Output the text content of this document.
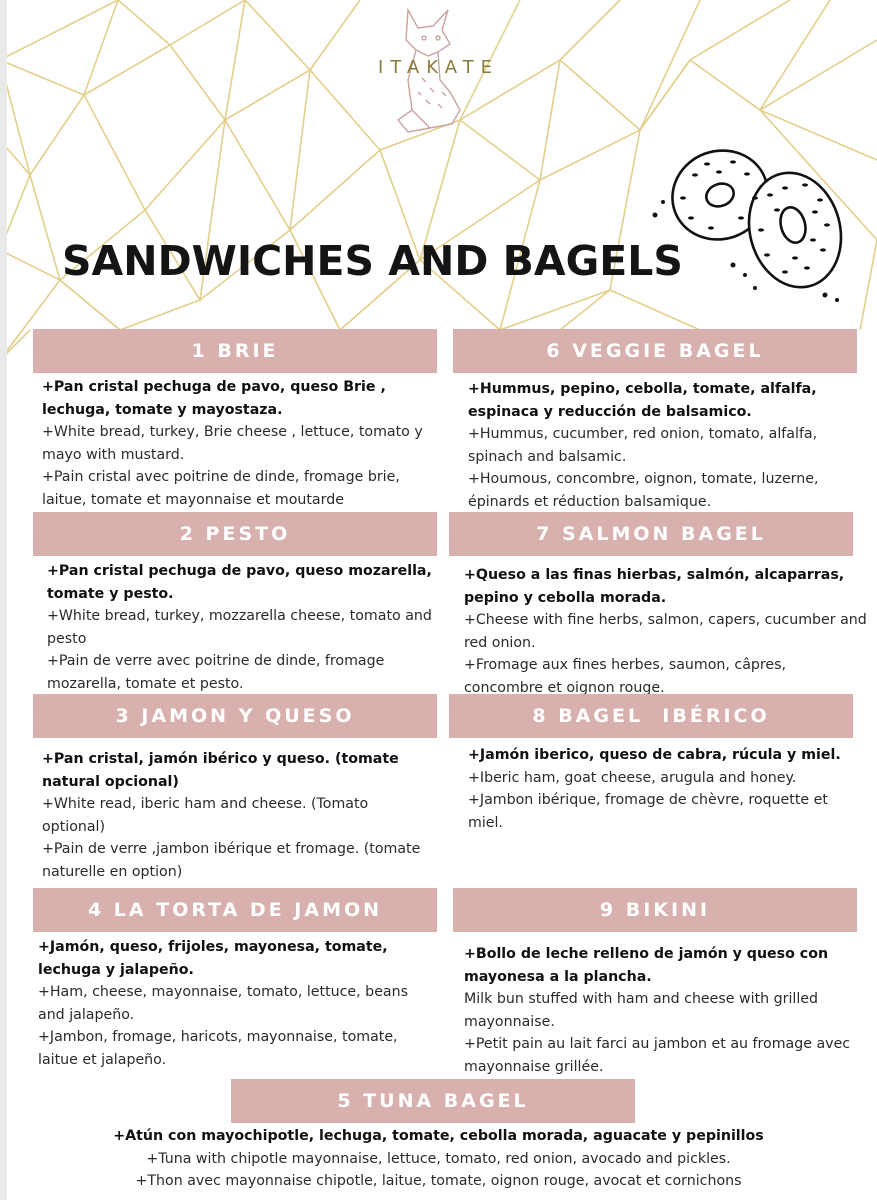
ITAKATE
SANDWICHES AND BAGELS
1 BRIE	6 VEGGIE BAGEL
2 PESTO	7 SALMON BAGEL
3 JAMON Y QUESO	8 BAGEL  IBÉRICO
4 LA TORTA DE JAMON	9 BIKINI
5 TUNA BAGEL

+Pan cristal pechuga de pavo, queso Brie , lechuga, tomate y mayostaza.

+White bread, turkey, Brie cheese , lettuce, tomato y mayo with mustard.

+Pain cristal avec poitrine de dinde, fromage brie, laitue, tomate et mayonnaise et moutarde

+Hummus, pepino, cebolla, tomate, alfalfa, espinaca y reducción de balsamico.

+Hummus, cucumber, red onion, tomato, alfalfa, spinach and balsamic.

+Houmous, concombre, oignon, tomate, luzerne, épinards et réduction balsamique.

+Pan cristal pechuga de pavo, queso mozarella, tomate y pesto.

+White bread, turkey, mozzarella cheese, tomato and pesto

+Pain de verre avec poitrine de dinde, fromage mozarella, tomate et pesto.

+Queso a las finas hierbas, salmón, alcaparras, pepino y cebolla morada.

+Cheese with fine herbs, salmon, capers, cucumber and red onion.

+Fromage aux fines herbes, saumon, câpres, concombre et oignon rouge.

+Pan cristal, jamón ibérico y queso. (tomate natural opcional)

+White read, iberic ham and cheese. (Tomato optional)

+Pain de verre ,jambon ibérique et fromage. (tomate naturelle en option)

+Jamón iberico, queso de cabra, rúcula y miel.

+Iberic ham, goat cheese, arugula and honey.

+Jambon ibérique, fromage de chèvre, roquette et miel.

+Jamón, queso, frijoles, mayonesa, tomate, lechuga y jalapeño.

+Ham, cheese, mayonnaise, tomato, lettuce, beans and jalapeño.

+Jambon, fromage, haricots, mayonnaise, tomate, laitue et jalapeño.

+Bollo de leche relleno de jamón y queso con mayonesa a la plancha.

Milk bun stuffed with ham and cheese with grilled mayonnaise.

+Petit pain au lait farci au jambon et au fromage avec mayonnaise grillée.

+Atún con mayochipotle, lechuga, tomate, cebolla morada, aguacate y pepinillos

+Tuna with chipotle mayonnaise, lettuce, tomato, red onion, avocado and pickles.

+Thon avec mayonnaise chipotle, laitue, tomate, oignon rouge, avocat et cornichons
